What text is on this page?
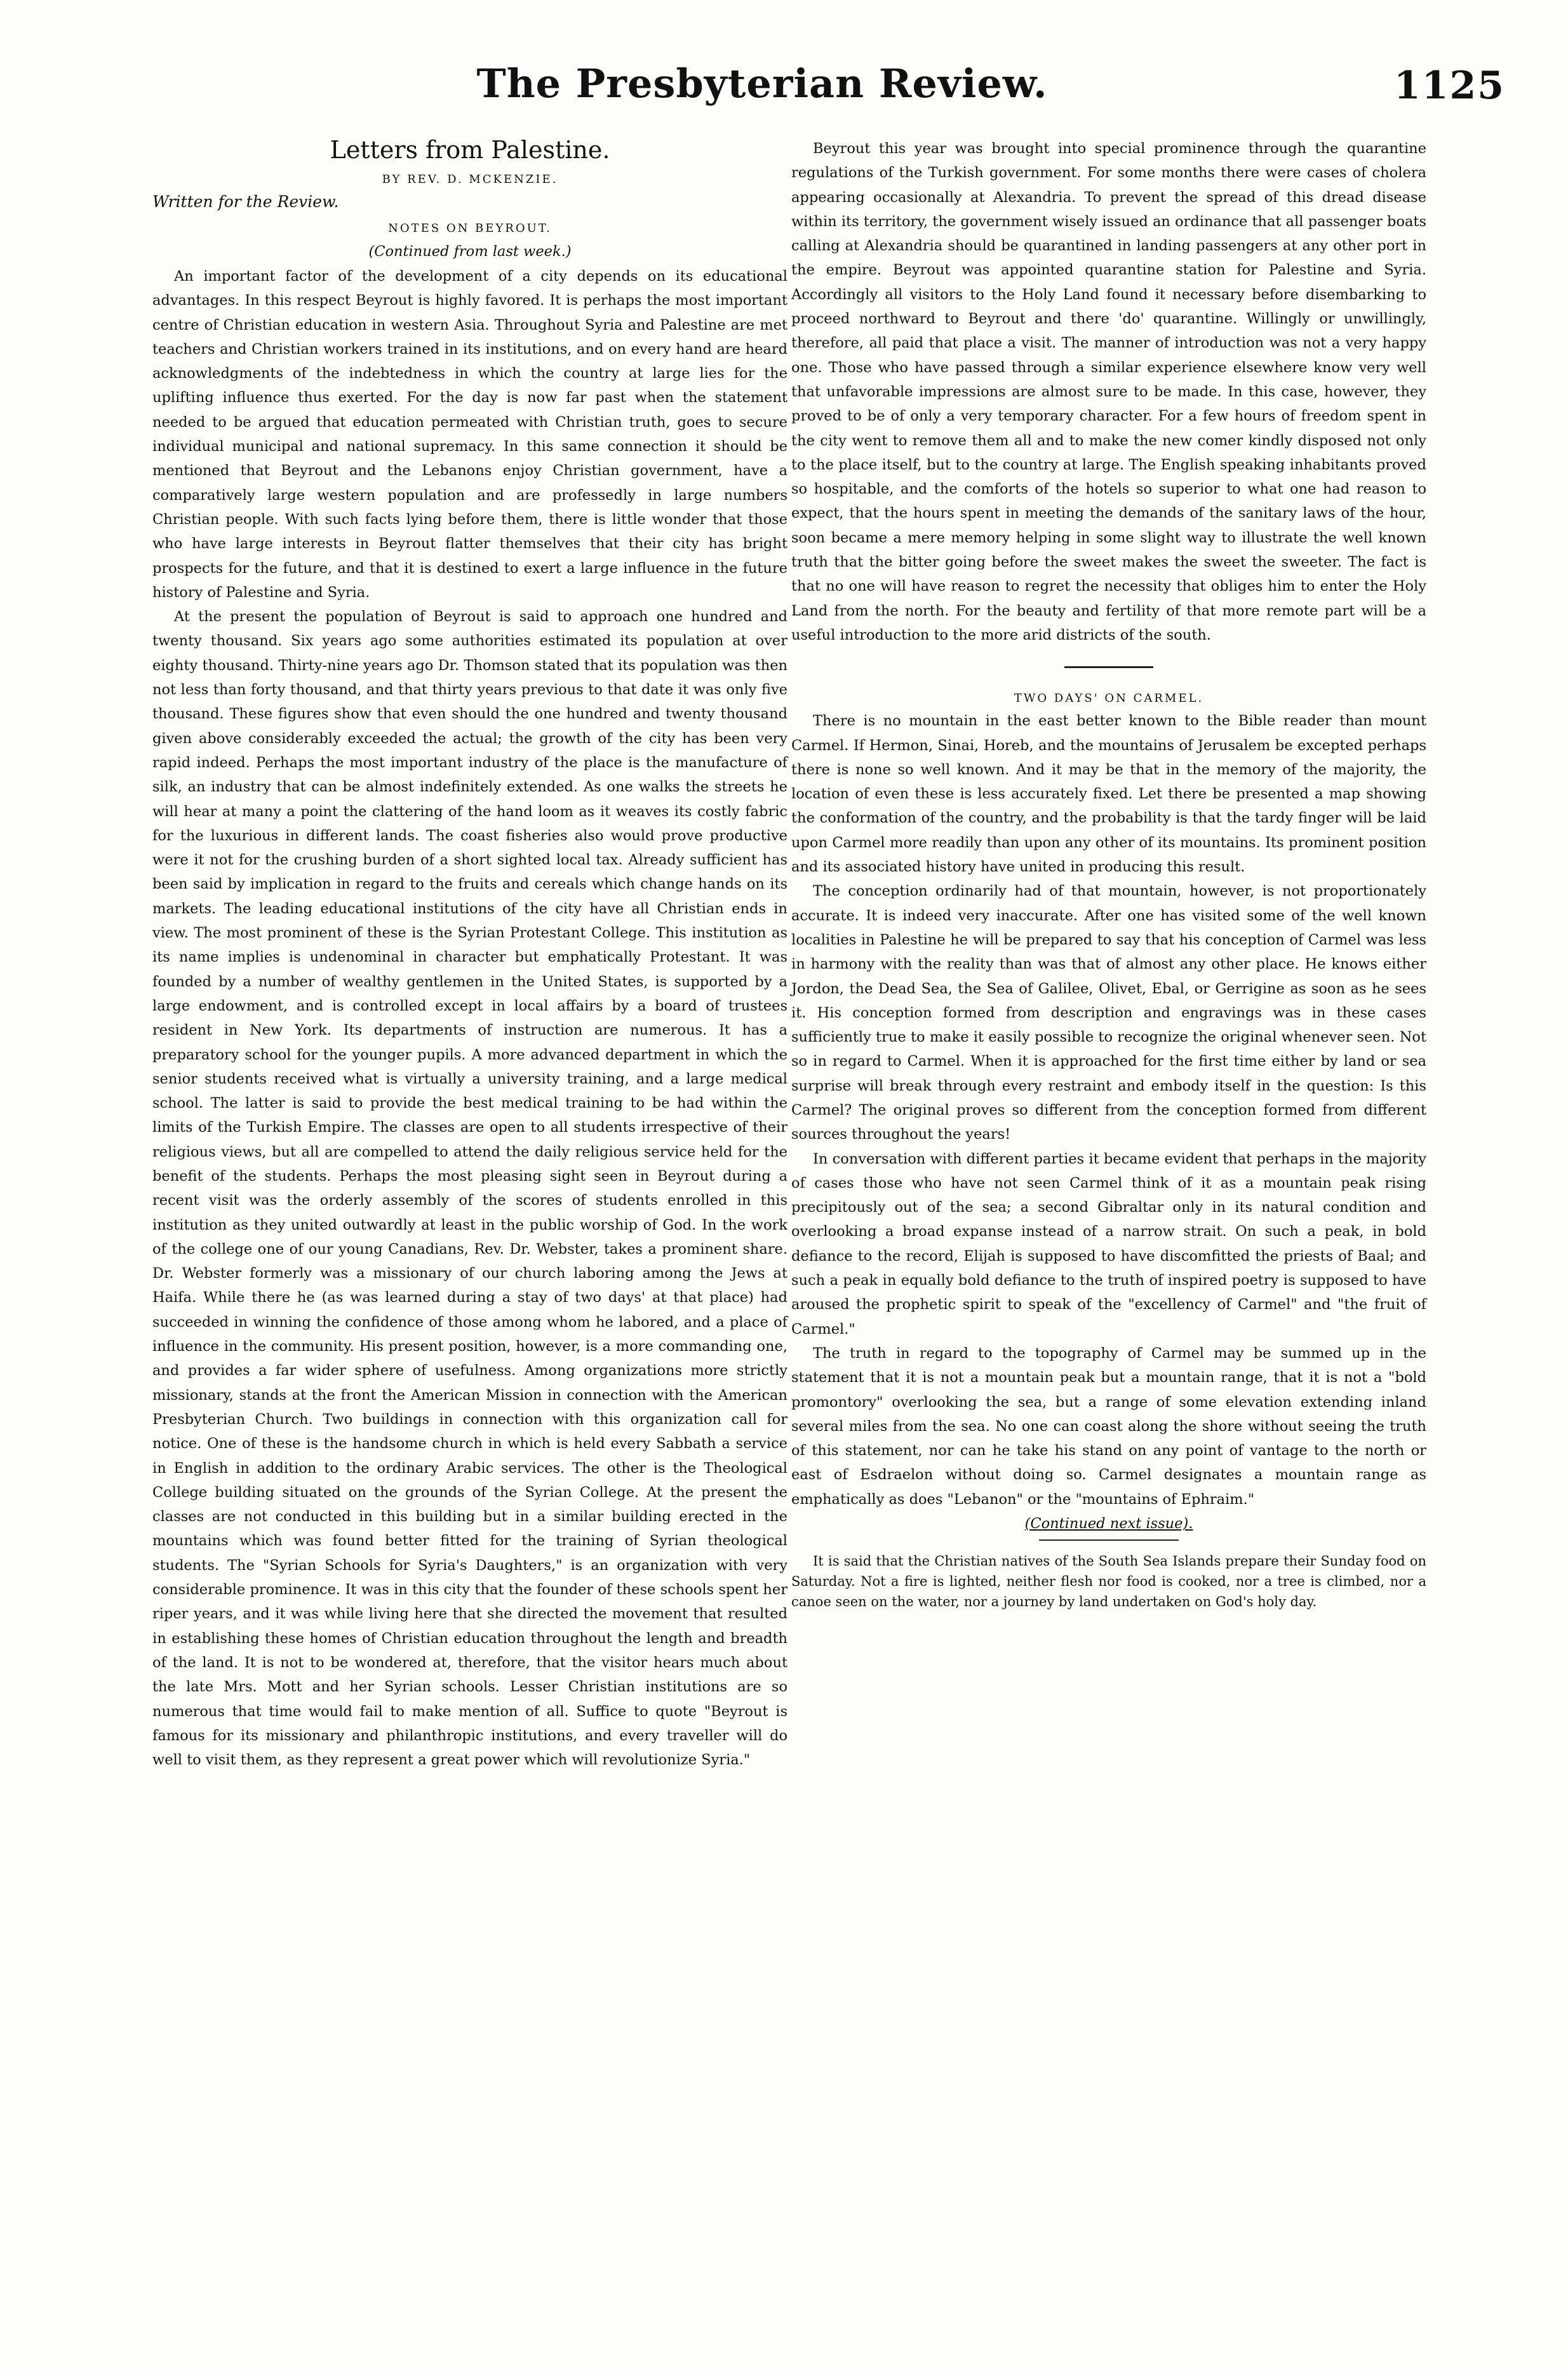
The Presbyterian Review.	1125
Letters from Palestine.
BY REV. D. MCKENZIE.
Written for the Review.
NOTES ON BEYROUT.
(Continued from last week.)

An important factor of the development of a city depends on its educational advantages. In this respect Beyrout is highly favored. It is perhaps the most important centre of Christian education in western Asia. Throughout Syria and Palestine are met teachers and Christian workers trained in its institutions, and on every hand are heard acknowledgments of the indebtedness in which the country at large lies for the uplifting influence thus exerted. For the day is now far past when the statement needed to be argued that education permeated with Christian truth, goes to secure individual municipal and national supremacy. In this same connection it should be mentioned that Beyrout and the Lebanons enjoy Christian government, have a comparatively large western population and are professedly in large numbers Christian people. With such facts lying before them, there is little wonder that those who have large interests in Beyrout flatter themselves that their city has bright prospects for the future, and that it is destined to exert a large influence in the future history of Palestine and Syria.

At the present the population of Beyrout is said to approach one hundred and twenty thousand. Six years ago some authorities estimated its population at over eighty thousand. Thirty-nine years ago Dr. Thomson stated that its population was then not less than forty thousand, and that thirty years previous to that date it was only five thousand. These figures show that even should the one hundred and twenty thousand given above considerably exceeded the actual; the growth of the city has been very rapid indeed. Perhaps the most important industry of the place is the manufacture of silk, an industry that can be almost indefinitely extended. As one walks the streets he will hear at many a point the clattering of the hand loom as it weaves its costly fabric for the luxurious in different lands. The coast fisheries also would prove productive were it not for the crushing burden of a short sighted local tax. Already sufficient has been said by implication in regard to the fruits and cereals which change hands on its markets. The leading educational institutions of the city have all Christian ends in view. The most prominent of these is the Syrian Protestant College. This institution as its name implies is undenominal in character but emphatically Protestant. It was founded by a number of wealthy gentlemen in the United States, is supported by a large endowment, and is controlled except in local affairs by a board of trustees resident in New York. Its departments of instruction are numerous. It has a preparatory school for the younger pupils. A more advanced department in which the senior students received what is virtually a university training, and a large medical school. The latter is said to provide the best medical training to be had within the limits of the Turkish Empire. The classes are open to all students irrespective of their religious views, but all are compelled to attend the daily religious service held for the benefit of the students. Perhaps the most pleasing sight seen in Beyrout during a recent visit was the orderly assembly of the scores of students enrolled in this institution as they united outwardly at least in the public worship of God. In the work of the college one of our young Canadians, Rev. Dr. Webster, takes a prominent share. Dr. Webster formerly was a missionary of our church laboring among the Jews at Haifa. While there he (as was learned during a stay of two days' at that place) had succeeded in winning the confidence of those among whom he labored, and a place of influence in the community. His present position, however, is a more commanding one, and provides a far wider sphere of usefulness. Among organizations more strictly missionary, stands at the front the American Mission in connection with the American Presbyterian Church. Two buildings in connection with this organization call for notice. One of these is the handsome church in which is held every Sabbath a service in English in addition to the ordinary Arabic services. The other is the Theological College building situated on the grounds of the Syrian College. At the present the classes are not conducted in this building but in a similar building erected in the mountains which was found better fitted for the training of Syrian theological students. The "Syrian Schools for Syria's Daughters," is an organization with very considerable prominence. It was in this city that the founder of these schools spent her riper years, and it was while living here that she directed the movement that resulted in establishing these homes of Christian education throughout the length and breadth of the land. It is not to be wondered at, therefore, that the visitor hears much about the late Mrs. Mott and her Syrian schools. Lesser Christian institutions are so numerous that time would fail to make mention of all. Suffice to quote "Beyrout is famous for its missionary and philanthropic institutions, and every traveller will do well to visit them, as they represent a great power which will revolutionize Syria."

Beyrout this year was brought into special prominence through the quarantine regulations of the Turkish government. For some months there were cases of cholera appearing occasionally at Alexandria. To prevent the spread of this dread disease within its territory, the government wisely issued an ordinance that all passenger boats calling at Alexandria should be quarantined in landing passengers at any other port in the empire. Beyrout was appointed quarantine station for Palestine and Syria. Accordingly all visitors to the Holy Land found it necessary before disembarking to proceed northward to Beyrout and there 'do' quarantine. Willingly or unwillingly, therefore, all paid that place a visit. The manner of introduction was not a very happy one. Those who have passed through a similar experience elsewhere know very well that unfavorable impressions are almost sure to be made. In this case, however, they proved to be of only a very temporary character. For a few hours of freedom spent in the city went to remove them all and to make the new comer kindly disposed not only to the place itself, but to the country at large. The English speaking inhabitants proved so hospitable, and the comforts of the hotels so superior to what one had reason to expect, that the hours spent in meeting the demands of the sanitary laws of the hour, soon became a mere memory helping in some slight way to illustrate the well known truth that the bitter going before the sweet makes the sweet the sweeter. The fact is that no one will have reason to regret the necessity that obliges him to enter the Holy Land from the north. For the beauty and fertility of that more remote part will be a useful introduction to the more arid districts of the south.

TWO DAYS' ON CARMEL.

There is no mountain in the east better known to the Bible reader than mount Carmel. If Hermon, Sinai, Horeb, and the mountains of Jerusalem be excepted perhaps there is none so well known. And it may be that in the memory of the majority, the location of even these is less accurately fixed. Let there be presented a map showing the conformation of the country, and the probability is that the tardy finger will be laid upon Carmel more readily than upon any other of its mountains. Its prominent position and its associated history have united in producing this result.

The conception ordinarily had of that mountain, however, is not proportionately accurate. It is indeed very inaccurate. After one has visited some of the well known localities in Palestine he will be prepared to say that his conception of Carmel was less in harmony with the reality than was that of almost any other place. He knows either Jordon, the Dead Sea, the Sea of Galilee, Olivet, Ebal, or Gerrigine as soon as he sees it. His conception formed from description and engravings was in these cases sufficiently true to make it easily possible to recognize the original whenever seen. Not so in regard to Carmel. When it is approached for the first time either by land or sea surprise will break through every restraint and embody itself in the question: Is this Carmel? The original proves so different from the conception formed from different sources throughout the years!

In conversation with different parties it became evident that perhaps in the majority of cases those who have not seen Carmel think of it as a mountain peak rising precipitously out of the sea; a second Gibraltar only in its natural condition and overlooking a broad expanse instead of a narrow strait. On such a peak, in bold defiance to the record, Elijah is supposed to have discomfitted the priests of Baal; and such a peak in equally bold defiance to the truth of inspired poetry is supposed to have aroused the prophetic spirit to speak of the "excellency of Carmel" and "the fruit of Carmel."

The truth in regard to the topography of Carmel may be summed up in the statement that it is not a mountain peak but a mountain range, that it is not a "bold promontory" overlooking the sea, but a range of some elevation extending inland several miles from the sea. No one can coast along the shore without seeing the truth of this statement, nor can he take his stand on any point of vantage to the north or east of Esdraelon without doing so. Carmel designates a mountain range as emphatically as does "Lebanon" or the "mountains of Ephraim."

(Continued next issue).

It is said that the Christian natives of the South Sea Islands prepare their Sunday food on Saturday. Not a fire is lighted, neither flesh nor food is cooked, nor a tree is climbed, nor a canoe seen on the water, nor a journey by land undertaken on God's holy day.
